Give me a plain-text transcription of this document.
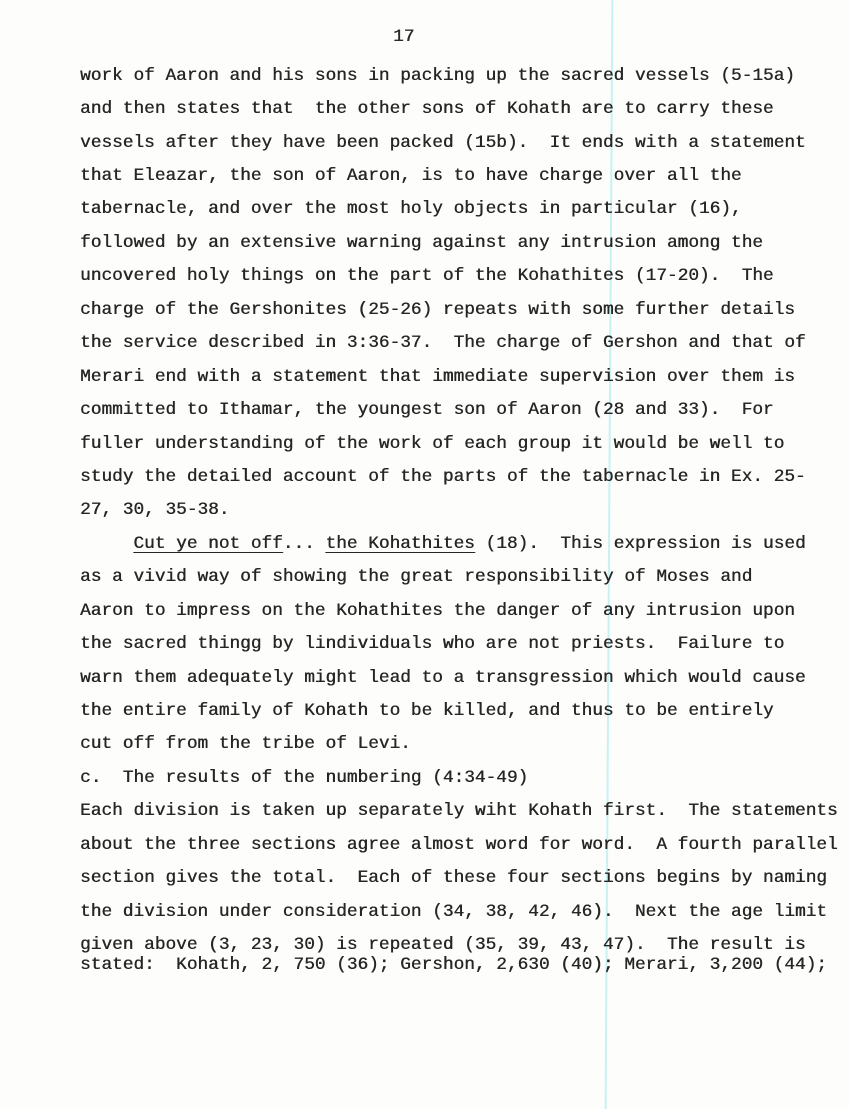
17
work of Aaron and his sons in packing up the sacred vessels (5-15a)
and then states that  the other sons of Kohath are to carry these
vessels after they have been packed (15b).  It ends with a statement
that Eleazar, the son of Aaron, is to have charge over all the
tabernacle, and over the most holy objects in particular (16),
followed by an extensive warning against any intrusion among the
uncovered holy things on the part of the Kohathites (17-20).  The
charge of the Gershonites (25-26) repeats with some further details
the service described in 3:36-37.  The charge of Gershon and that of
Merari end with a statement that immediate supervision over them is
committed to Ithamar, the youngest son of Aaron (28 and 33).  For
fuller understanding of the work of each group it would be well to
study the detailed account of the parts of the tabernacle in Ex. 25-
27, 30, 35-38.

Cut ye not off ... the Kohathites (18).  This expression is used
as a vivid way of showing the great responsibility of Moses and
Aaron to impress on the Kohathites the danger of any intrusion upon
the sacred thingg by lindividuals who are not priests.  Failure to
warn them adequately might lead to a transgression which would cause
the entire family of Kohath to be killed, and thus to be entirely
cut off from the tribe of Levi.
c.  The results of the numbering (4:34-49)
Each division is taken up separately wiht Kohath first.  The statements
about the three sections agree almost word for word.  A fourth parallel
section gives the total.  Each of these four sections begins by naming
the division under consideration (34, 38, 42, 46).  Next the age limit
given above (3, 23, 30) is repeated (35, 39, 43, 47).  The result is
stated:  Kohath, 2, 750 (36); Gershon, 2,630 (40); Merari, 3,200 (44);
